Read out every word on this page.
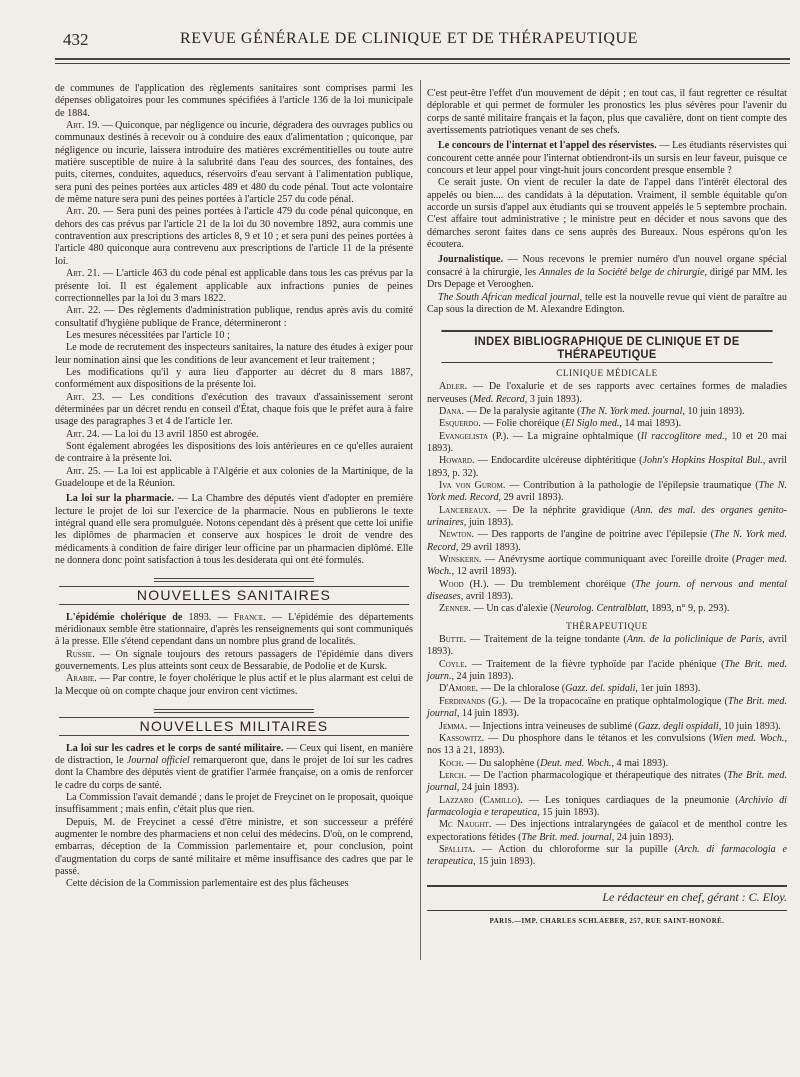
432	REVUE GÉNÉRALE DE CLINIQUE ET DE THÉRAPEUTIQUE

de communes de l'application des règlements sanitaires sont comprises parmi les dépenses obligatoires pour les communes spécifiées à l'article 136 de la loi municipale de 1884.

Art. 19. — Quiconque, par négligence ou incurie, dégradera des ouvrages publics ou communaux destinés à recevoir ou à conduire des eaux d'alimentation ; quiconque, par négligence ou incurie, laissera introduire des matières excrémentitielles ou toute autre matière susceptible de nuire à la salubrité dans l'eau des sources, des fontaines, des puits, citernes, conduites, aqueducs, réservoirs d'eau servant à l'alimentation publique, sera puni des peines portées aux articles 489 et 480 du code pénal. Tout acte volontaire de même nature sera puni des peines portées à l'article 257 du code pénal.

Art. 20. — Sera puni des peines portées à l'article 479 du code pénal quiconque, en dehors des cas prévus par l'article 21 de la loi du 30 novembre 1892, aura commis une contravention aux prescriptions des articles 8, 9 et 10 ; et sera puni des peines portées à l'article 480 quiconque aura contrevenu aux prescriptions de l'article 11 de la présente loi.

Art. 21. — L'article 463 du code pénal est applicable dans tous les cas prévus par la présente loi. Il est également applicable aux infractions punies de peines correctionnelles par la loi du 3 mars 1822.

Art. 22. — Des règlements d'administration publique, rendus après avis du comité consultatif d'hygiène publique de France, détermineront :

Les mesures nécessitées par l'article 10 ;

Le mode de recrutement des inspecteurs sanitaires, la nature des études à exiger pour leur nomination ainsi que les conditions de leur avancement et leur traitement ;

Les modifications qu'il y aura lieu d'apporter au décret du 8 mars 1887, conformément aux dispositions de la présente loi.

Art. 23. — Les conditions d'exécution des travaux d'assainissement seront déterminées par un décret rendu en conseil d'État, chaque fois que le préfet aura à faire usage des paragraphes 3 et 4 de l'article 1er.

Art. 24. — La loi du 13 avril 1850 est abrogée.

Sont également abrogées les dispositions des lois antérieures en ce qu'elles auraient de contraire à la présente loi.

Art. 25. — La loi est applicable à l'Algérie et aux colonies de la Martinique, de la Guadeloupe et de la Réunion.

La loi sur la pharmacie. — La Chambre des députés vient d'adopter en première lecture le projet de loi sur l'exercice de la pharmacie. Nous en publierons le texte intégral quand elle sera promulguée. Notons cependant dès à présent que cette loi unifie les diplômes de pharmacien et conserve aux hospices le droit de vendre des médicaments à condition de faire diriger leur officine par un pharmacien diplômé. Elle ne donnera donc point satisfaction à tous les desiderata qui ont été formulés.

NOUVELLES SANITAIRES

L'épidémie cholérique de 1893. — France. — L'épidémie des départements méridionaux semble être stationnaire, d'après les renseignements qui sont communiqués à la presse. Elle s'étend cependant dans un nombre plus grand de localités.

Russie. — On signale toujours des retours passagers de l'épidémie dans divers gouvernements. Les plus atteints sont ceux de Bessarabie, de Podolie et de Kursk.

Arabie. — Par contre, le foyer cholérique le plus actif et le plus alarmant est celui de la Mecque où on compte chaque jour environ cent victimes.

NOUVELLES MILITAIRES

La loi sur les cadres et le corps de santé militaire. — Ceux qui lisent, en manière de distraction, le Journal officiel remarqueront que, dans le projet de loi sur les cadres dont la Chambre des députés vient de gratifier l'armée française, on a omis de renforcer le cadre du corps de santé.

La Commission l'avait demandé ; dans le projet de Freycinet on le proposait, quoique insuffisamment ; mais enfin, c'était plus que rien.

Depuis, M. de Freycinet a cessé d'être ministre, et son successeur a préféré augmenter le nombre des pharmaciens et non celui des médecins. D'où, on le comprend, embarras, déception de la Commission parlementaire et, pour conclusion, point d'augmentation du corps de santé militaire et même insuffisance des cadres que par le passé.

Cette décision de la Commission parlementaire est des plus fâcheuses

C'est peut-être l'effet d'un mouvement de dépit ; en tout cas, il faut regretter ce résultat déplorable et qui permet de formuler les pronostics les plus sévères pour l'avenir du corps de santé militaire français et la façon, plus que cavalière, dont on tient compte des avertissements patriotiques venant de ses chefs.

Le concours de l'internat et l'appel des réservistes. — Les étudiants réservistes qui concourent cette année pour l'internat obtiendront-ils un sursis en leur faveur, puisque ce concours et leur appel pour vingt-huit jours concordent presque ensemble ?

Ce serait juste. On vient de reculer la date de l'appel dans l'intérêt électoral des appelés ou bien.... des candidats à la députation. Vraiment, il semble équitable qu'on accorde un sursis d'appel aux étudiants qui se trouvent appelés le 5 septembre prochain. C'est affaire tout administrative ; le ministre peut en décider et nous savons que des démarches seront faites dans ce sens auprès des Bureaux. Nous espérons qu'on les écoutera.

Journalistique. — Nous recevons le premier numéro d'un nouvel organe spécial consacré à la chirurgie, les Annales de la Société belge de chirurgie, dirigé par MM. les Drs Depage et Verooghen.

The South African medical journal, telle est la nouvelle revue qui vient de paraître au Cap sous la direction de M. Alexandre Edington.

INDEX BIBLIOGRAPHIQUE DE CLINIQUE ET DE THÉRAPEUTIQUE
CLINIQUE MÉDICALE

Adler. — De l'oxalurie et de ses rapports avec certaines formes de maladies nerveuses (Med. Record, 3 juin 1893).

Dana. — De la paralysie agitante (The N. York med. journal, 10 juin 1893).

Esquerdo. — Folie choréique (El Siglo med., 14 mai 1893).

Evangelista (P.). — La migraine ophtalmique (Il raccoglitore med., 10 et 20 mai 1893).

Howard. — Endocardite ulcéreuse diphtéritique (John's Hopkins Hospital Bul., avril 1893, p. 32).

Iva von Gurom. — Contribution à la pathologie de l'épilepsie traumatique (The N. York med. Record, 29 avril 1893).

Lancereaux. — De la néphrite gravidique (Ann. des mal. des organes genito-urinaires, juin 1893).

Newton. — Des rapports de l'angine de poitrine avec l'épilepsie (The N. York med. Record, 29 avril 1893).

Winskern. — Anévrysme aortique communiquant avec l'oreille droite (Prager med. Woch., 12 avril 1893).

Wood (H.). — Du tremblement choréique (The journ. of nervous and mental diseases, avril 1893).

Zenner. — Un cas d'alexie (Neurolog. Centralblatt, 1893, n° 9, p. 293).

THÉRAPEUTIQUE

Butte. — Traitement de la teigne tondante (Ann. de la policlinique de Paris, avril 1893).

Coyle. — Traitement de la fièvre typhoïde par l'acide phénique (The Brit. med. journ., 24 juin 1893).

D'Amore. — De la chloralose (Gazz. del. spidali, 1er juin 1893).

Ferdinands (G.). — De la tropacocaïne en pratique ophtalmologique (The Brit. med. journal, 14 juin 1893).

Jemma. — Injections intra veineuses de sublimé (Gazz. degli ospidali, 10 juin 1893).

Kassowitz. — Du phosphore dans le tétanos et les convulsions (Wien med. Woch., nos 13 à 21, 1893).

Koch. — Du salophène (Deut. med. Woch., 4 mai 1893).

Lerch. — De l'action pharmacologique et thérapeutique des nitrates (The Brit. med. journal, 24 juin 1893).

Lazzaro (Camillo). — Les toniques cardiaques de la pneumonie (Archivio di farmacologia e terapeutica, 15 juin 1893).

Mc Naught. — Des injections intralaryngées de gaïacol et de menthol contre les expectorations fétides (The Brit. med. journal, 24 juin 1893).

Spallita. — Action du chloroforme sur la pupille (Arch. di farmacologia e terapeutica, 15 juin 1893).

Le rédacteur en chef, gérant : C. Eloy.
PARIS.—IMP. CHARLES SCHLAEBER, 257, RUE SAINT-HONORÉ.
